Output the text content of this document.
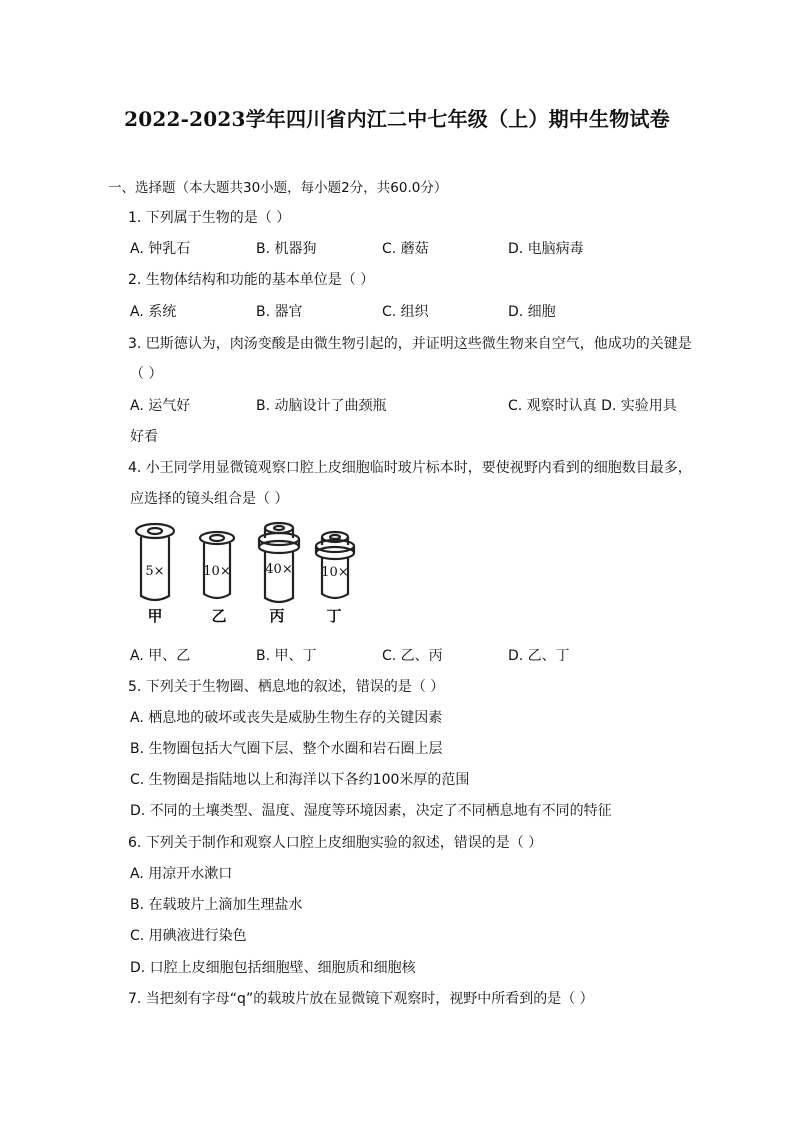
2022-2023学年四川省内江二中七年级（上）期中生物试卷
一、选择题（本大题共30小题，每小题2分，共60.0分）
1. 下列属于生物的是（ ）
A. 钟乳石	B. 机器狗	C. 蘑菇	D. 电脑病毒
2. 生物体结构和功能的基本单位是（ ）
A. 系统	B. 器官	C. 组织	D. 细胞
3. 巴斯德认为，肉汤变酸是由微生物引起的，并证明这些微生物来自空气，他成功的关键是
（ ）
A. 运气好	B. 动脑设计了曲颈瓶	C. 观察时认真 D. 实验用具
好看
4. 小王同学用显微镜观察口腔上皮细胞临时玻片标本时，要使视野内看到的细胞数目最多，
应选择的镜头组合是（ ）
5×	10×	40× 10×
甲	乙	丙	丁
A. 甲、乙	B. 甲、丁	C. 乙、丙	D. 乙、丁
5. 下列关于生物圈、栖息地的叙述，错误的是（ ）
A. 栖息地的破坏或丧失是威胁生物生存的关键因素
B. 生物圈包括大气圈下层、整个水圈和岩石圈上层
C. 生物圈是指陆地以上和海洋以下各约100米厚的范围
D. 不同的土壤类型、温度、湿度等环境因素，决定了不同栖息地有不同的特征
6. 下列关于制作和观察人口腔上皮细胞实验的叙述，错误的是（ ）
A. 用凉开水漱口
B. 在载玻片上滴加生理盐水
C. 用碘液进行染色
D. 口腔上皮细胞包括细胞壁、细胞质和细胞核
7. 当把刻有字母“q”的载玻片放在显微镜下观察时，视野中所看到的是（ ）
